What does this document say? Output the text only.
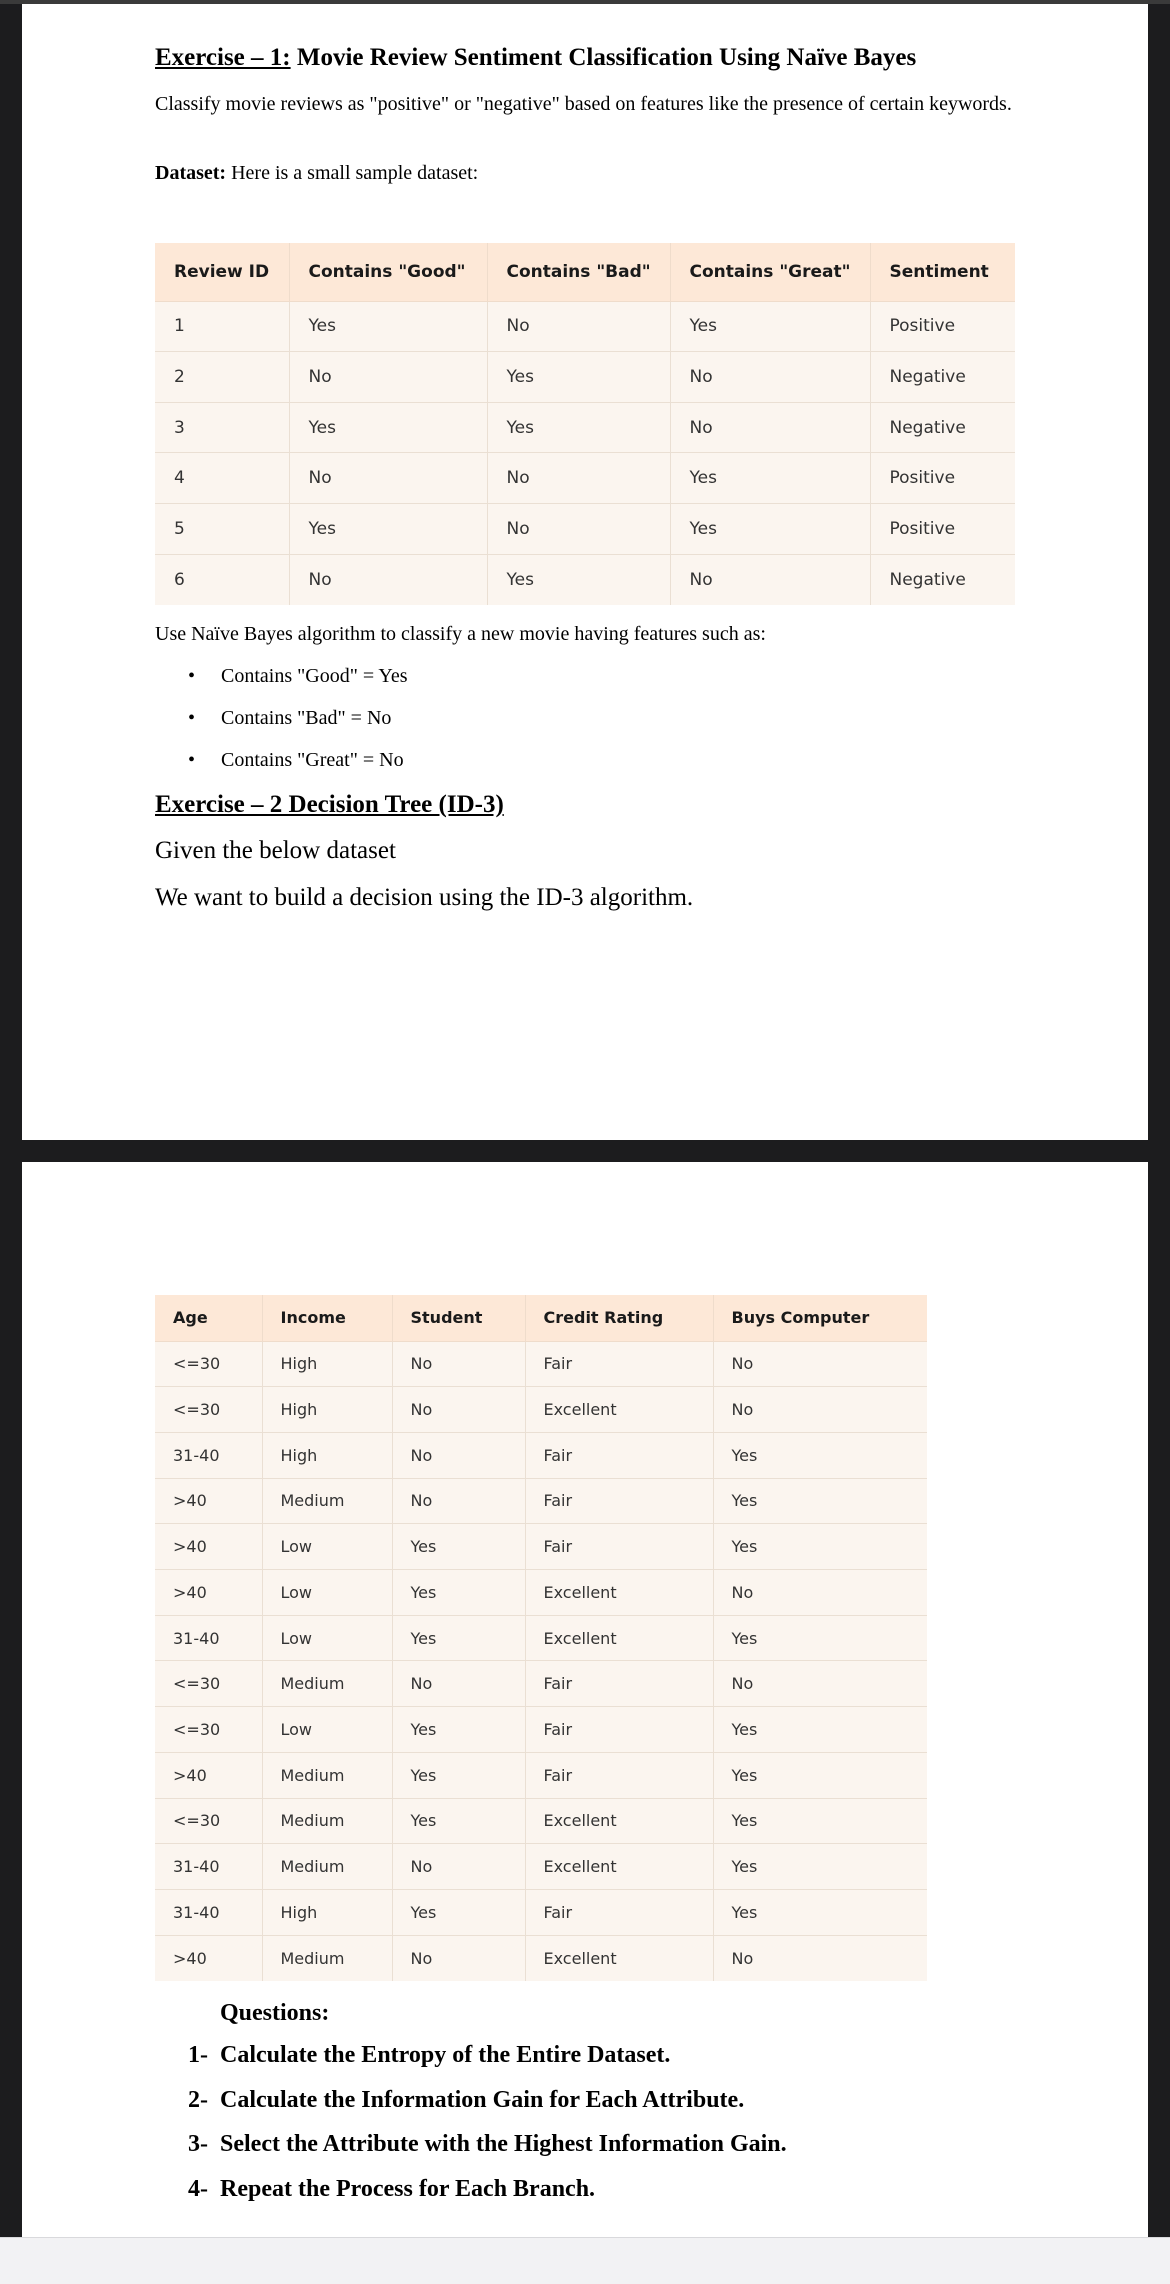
Exercise – 1: Movie Review Sentiment Classification Using Naïve Bayes
Classify movie reviews as "positive" or "negative" based on features like the presence of certain keywords.
Dataset: Here is a small sample dataset:
Review ID	Contains "Good"	Contains "Bad"	Contains "Great"	Sentiment
1	Yes	No	Yes	Positive
2	No	Yes	No	Negative
3	Yes	Yes	No	Negative
4	No	No	Yes	Positive
5	Yes	No	Yes	Positive
6	No	Yes	No	Negative
Use Naïve Bayes algorithm to classify a new movie having features such as:
• Contains "Good" = Yes
• Contains "Bad" = No
• Contains "Great" = No
Exercise – 2 Decision Tree (ID-3)
Given the below dataset
We want to build a decision using the ID-3 algorithm.
Age	Income	Student	Credit Rating	Buys Computer
<=30	High	No	Fair	No
<=30	High	No	Excellent	No
31-40	High	No	Fair	Yes
>40	Medium	No	Fair	Yes
>40	Low	Yes	Fair	Yes
>40	Low	Yes	Excellent	No
31-40	Low	Yes	Excellent	Yes
<=30	Medium	No	Fair	No
<=30	Low	Yes	Fair	Yes
>40	Medium	Yes	Fair	Yes
<=30	Medium	Yes	Excellent	Yes
31-40	Medium	No	Excellent	Yes
31-40	High	Yes	Fair	Yes
>40	Medium	No	Excellent	No
Questions:
1- Calculate the Entropy of the Entire Dataset.
2- Calculate the Information Gain for Each Attribute.
3- Select the Attribute with the Highest Information Gain.
4- Repeat the Process for Each Branch.
